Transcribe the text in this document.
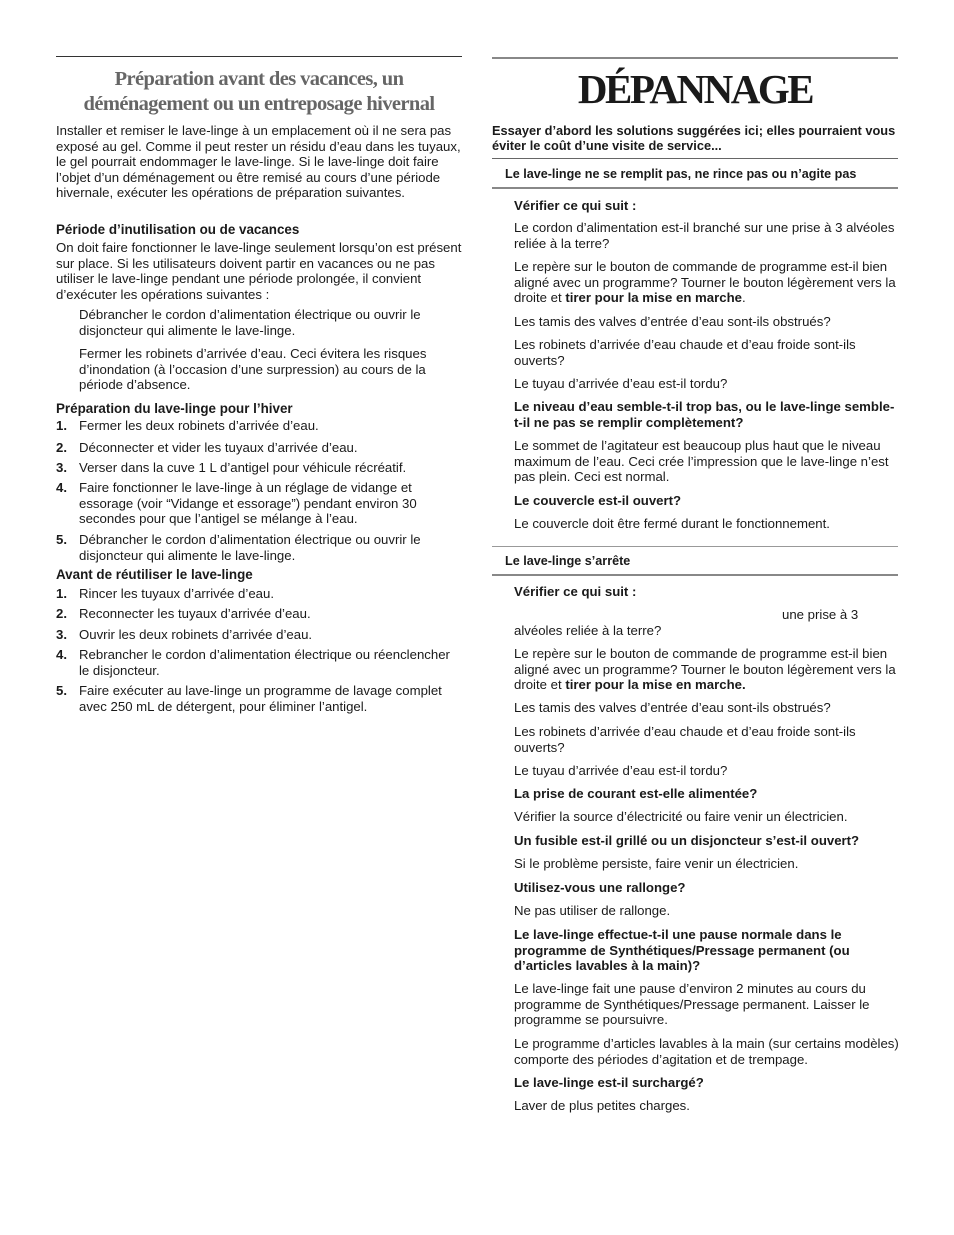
Préparation avant des vacances, un
déménagement ou un entreposage hivernal

Installer et remiser le lave-linge à un emplacement où il ne sera pas exposé au gel. Comme il peut rester un résidu d’eau dans les tuyaux, le gel pourrait endommager le lave-linge. Si le lave-linge doit faire l’objet d’un déménagement ou être remisé au cours d’une période hivernale, exécuter les opérations de préparation suivantes.

Période d’inutilisation ou de vacances

On doit faire fonctionner le lave-linge seulement lorsqu’on est présent sur place. Si les utilisateurs doivent partir en vacances ou ne pas utiliser le lave-linge pendant une période prolongée, il convient d’exécuter les opérations suivantes :

Débrancher le cordon d’alimentation électrique ou ouvrir le disjoncteur qui alimente le lave-linge.

Fermer les robinets d’arrivée d’eau. Ceci évitera les risques d’inondation (à l’occasion d’une surpression) au cours de la période d’absence.

Préparation du lave-linge pour l’hiver
1. Fermer les deux robinets d’arrivée d’eau.
2. Déconnecter et vider les tuyaux d’arrivée d’eau.
3. Verser dans la cuve 1 L d’antigel pour véhicule récréatif.
4. Faire fonctionner le lave-linge à un réglage de vidange et essorage (voir “Vidange et essorage”) pendant environ 30 secondes pour que l’antigel se mélange à l’eau.
5. Débrancher le cordon d’alimentation électrique ou ouvrir le disjoncteur qui alimente le lave-linge.
Avant de réutiliser le lave-linge
1. Rincer les tuyaux d’arrivée d’eau.
2. Reconnecter les tuyaux d’arrivée d’eau.
3. Ouvrir les deux robinets d’arrivée d’eau.
4. Rebrancher le cordon d’alimentation électrique ou réenclencher le disjoncteur.
5. Faire exécuter au lave-linge un programme de lavage complet avec 250 mL de détergent, pour éliminer l’antigel.
DÉPANNAGE

Essayer d’abord les solutions suggérées ici; elles pourraient vous éviter le coût d’une visite de service...

Le lave-linge ne se remplit pas, ne rince pas ou n’agite pas

Vérifier ce qui suit :

Le cordon d’alimentation est-il branché sur une prise à 3 alvéoles reliée à la terre?

Le repère sur le bouton de commande de programme est-il bien aligné avec un programme? Tourner le bouton légèrement vers la droite et tirer pour la mise en marche.

Les tamis des valves d’entrée d’eau sont-ils obstrués?

Les robinets d’arrivée d’eau chaude et d’eau froide sont-ils ouverts?

Le tuyau d’arrivée d’eau est-il tordu?

Le niveau d’eau semble-t-il trop bas, ou le lave-linge semble-t-il ne pas se remplir complètement?

Le sommet de l’agitateur est beaucoup plus haut que le niveau maximum de l’eau. Ceci crée l’impression que le lave-linge n’est pas plein. Ceci est normal.

Le couvercle est-il ouvert?

Le couvercle doit être fermé durant le fonctionnement.

Le lave-linge s’arrête

Vérifier ce qui suit :

une prise à 3

alvéoles reliée à la terre?

Le repère sur le bouton de commande de programme est-il bien aligné avec un programme? Tourner le bouton légèrement vers la droite et tirer pour la mise en marche.

Les tamis des valves d’entrée d’eau sont-ils obstrués?

Les robinets d’arrivée d’eau chaude et d’eau froide sont-ils ouverts?

Le tuyau d’arrivée d’eau est-il tordu?

La prise de courant est-elle alimentée?

Vérifier la source d’électricité ou faire venir un électricien.

Un fusible est-il grillé ou un disjoncteur s’est-il ouvert?

Si le problème persiste, faire venir un électricien.

Utilisez-vous une rallonge?

Ne pas utiliser de rallonge.

Le lave-linge effectue-t-il une pause normale dans le programme de Synthétiques/Pressage permanent (ou d’articles lavables à la main)?

Le lave-linge fait une pause d’environ 2 minutes au cours du programme de Synthétiques/Pressage permanent. Laisser le programme se poursuivre.

Le programme d’articles lavables à la main (sur certains modèles) comporte des périodes d’agitation et de trempage.

Le lave-linge est-il surchargé?

Laver de plus petites charges.
